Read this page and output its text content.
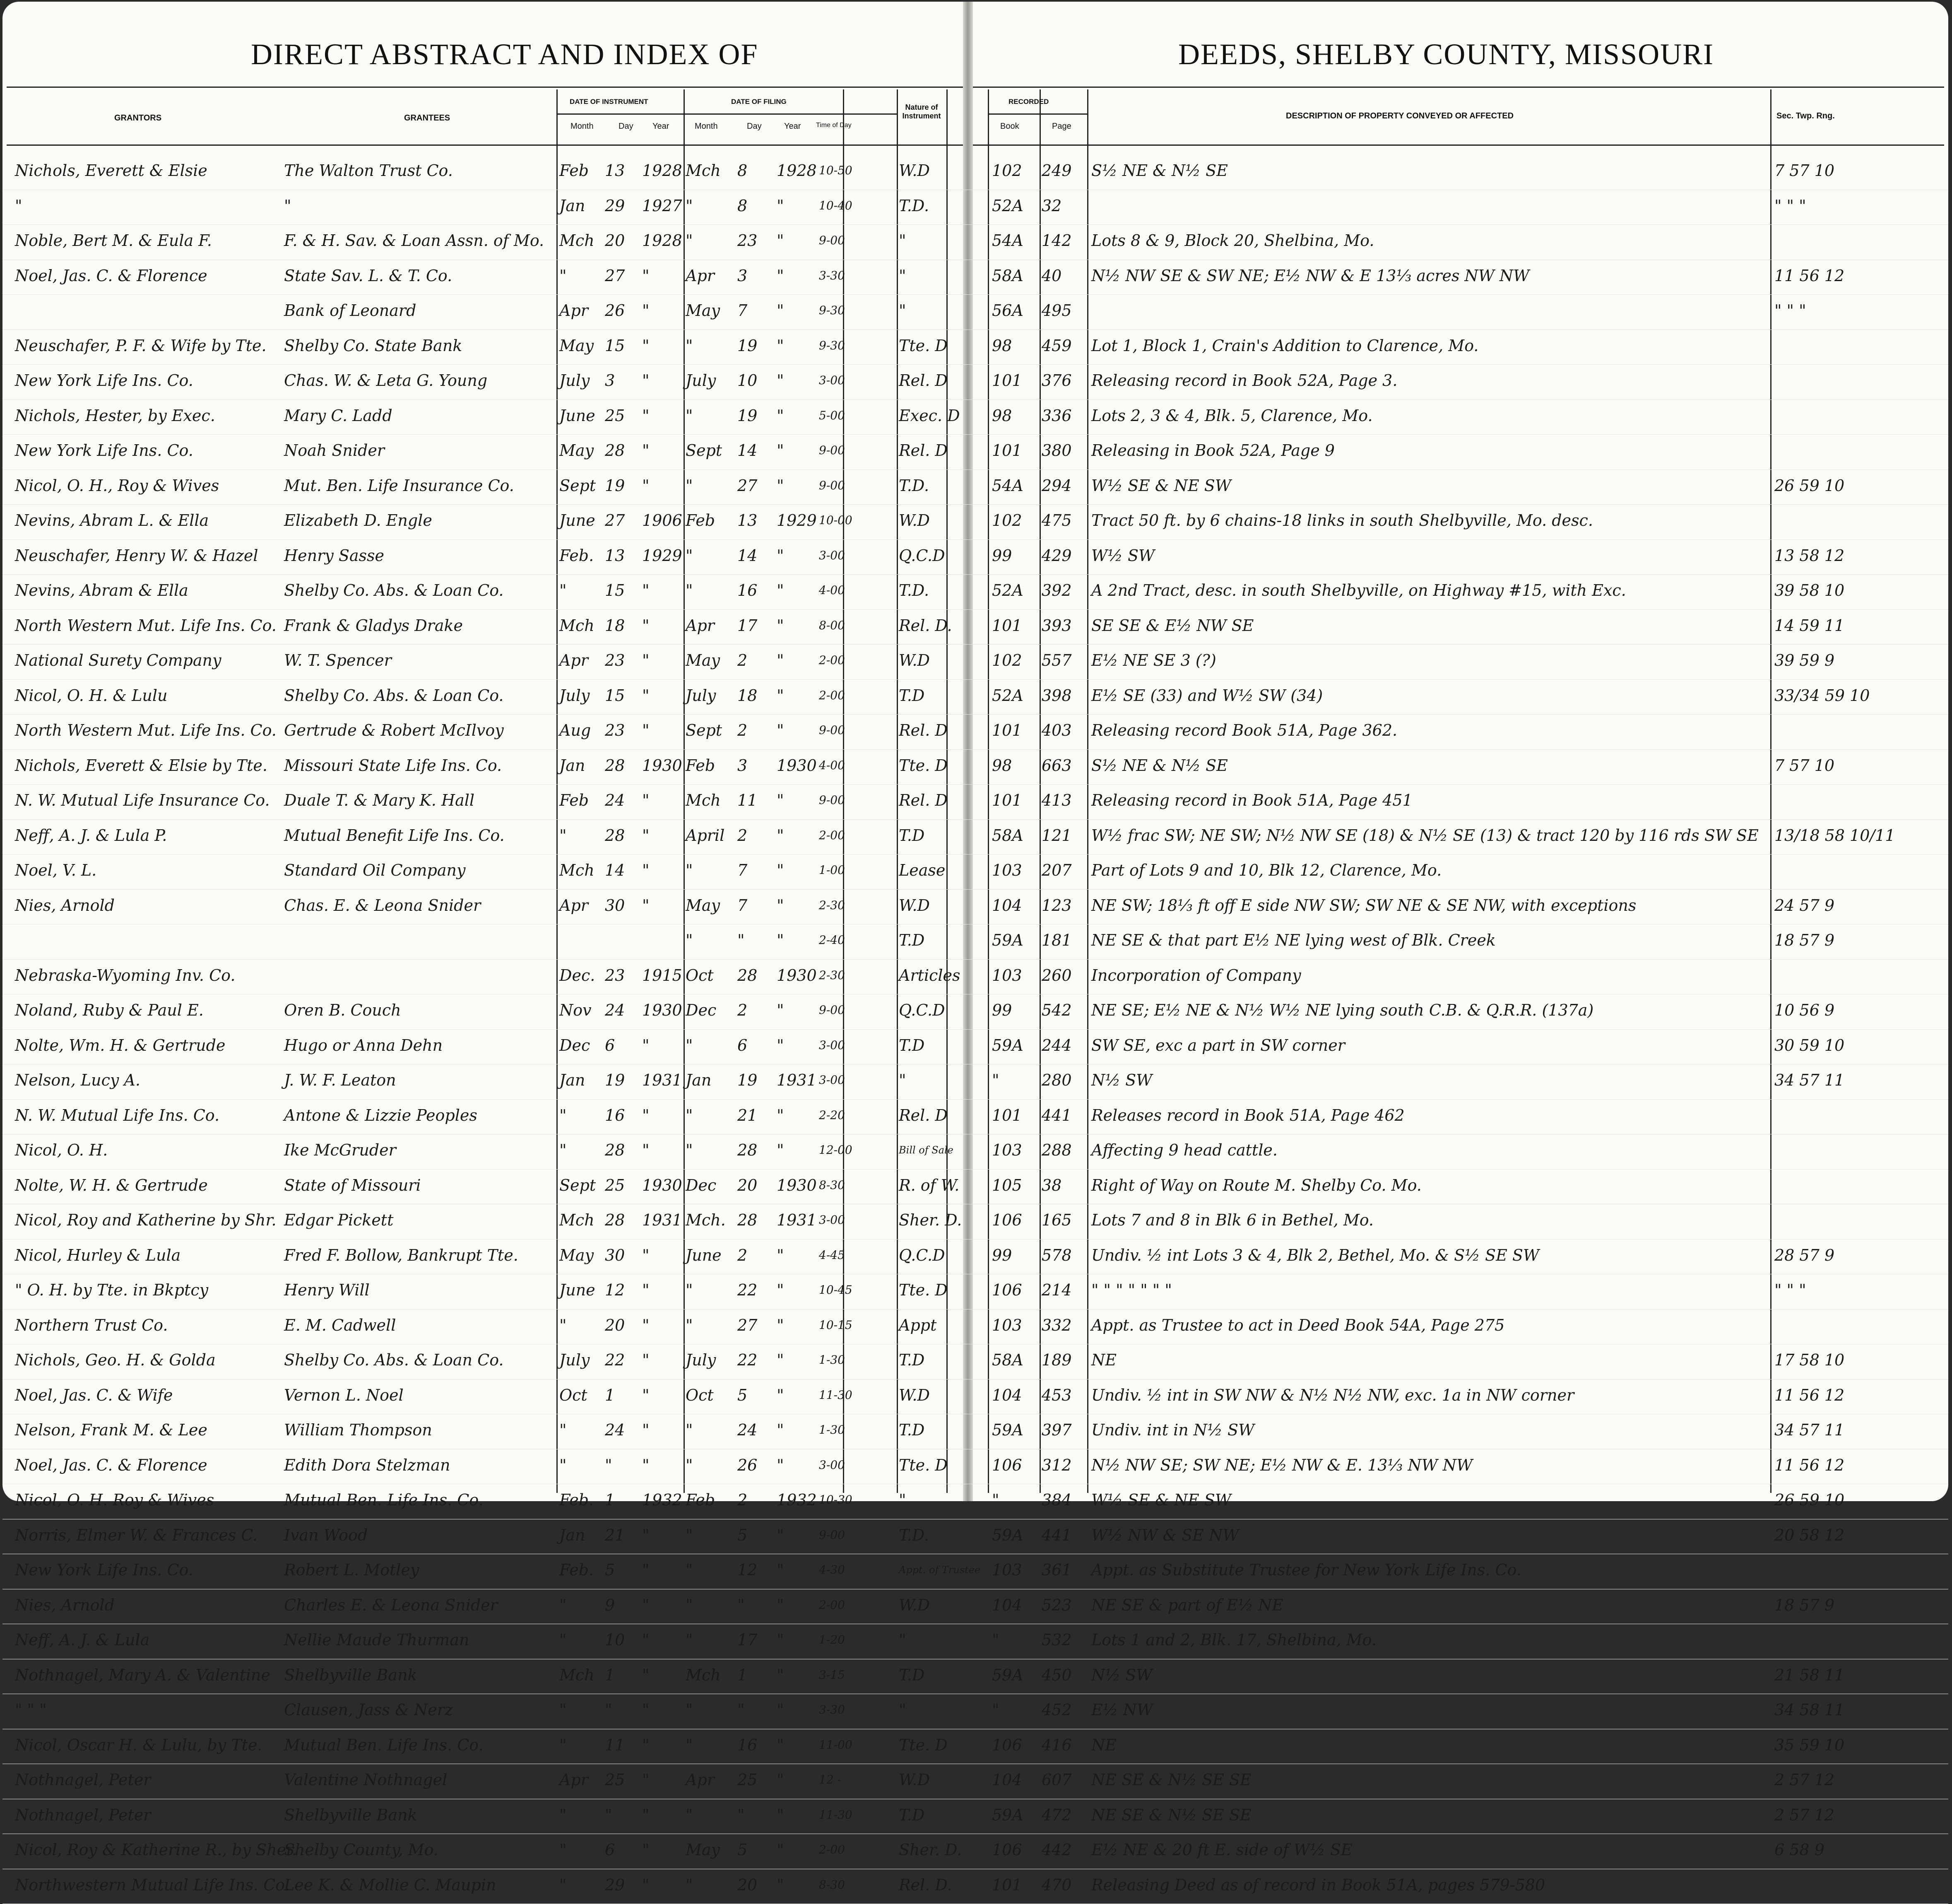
DIRECT ABSTRACT AND INDEX OF	DEEDS, SHELBY COUNTY, MISSOURI
GRANTORS	GRANTEES
DATE OF INSTRUMENT	DATE OF FILING
Nature of Instrument
RECORDED
Month	Day Year	Month	Day	Year Time of Day	Book	Page
DESCRIPTION OF PROPERTY CONVEYED OR AFFECTED	Sec. Twp. Rng.
Nichols, Everett & Elsie	The Walton Trust Co.	Feb	13	1928 Mch	8	1928 10-50	W.D	102	249	S½ NE & N½ SE	7 57 10
"	"	Jan	29	1927 "	8	"	10-40	T.D.	52A	32	" " "
Noble, Bert M. & Eula F.	F. & H. Sav. & Loan Assn. of Mo. Mch 20	1928 "	23	"	9-00	"	54A	142	Lots 8 & 9, Block 20, Shelbina, Mo.
Noel, Jas. C. & Florence	State Sav. L. & T. Co.	"	27	"	Apr	3	"	3-30	"	58A	40	N½ NW SE & SW NE; E½ NW & E 13⅓ acres NW NW	11 56 12
Bank of Leonard	Apr	26	"	May	7	"	9-30	"	56A	495	" " "
Neuschafer, P. F. & Wife by Tte.	Shelby Co. State Bank	May 15	"	"	19	"	9-30	Tte. D	98	459	Lot 1, Block 1, Crain's Addition to Clarence, Mo.
New York Life Ins. Co.	Chas. W. & Leta G. Young	July 3	"	July	10	"	3-00	Rel. D	101	376	Releasing record in Book 52A, Page 3.
Nichols, Hester, by Exec.	Mary C. Ladd	June 25	"	"	19	"	5-00	Exec. D 98	336	Lots 2, 3 & 4, Blk. 5, Clarence, Mo.
New York Life Ins. Co.	Noah Snider	May 28	"	Sept 14	"	9-00	Rel. D	101	380	Releasing in Book 52A, Page 9
Nicol, O. H., Roy & Wives	Mut. Ben. Life Insurance Co.	Sept 19	"	"	27	"	9-00	T.D.	54A	294	W½ SE & NE SW	26 59 10
Nevins, Abram L. & Ella	Elizabeth D. Engle	June 27	1906 Feb	13	1929 10-00	W.D	102	475	Tract 50 ft. by 6 chains-18 links in south Shelbyville, Mo. desc.
Neuschafer, Henry W. & Hazel	Henry Sasse	Feb. 13	1929 "	14	"	3-00	Q.C.D	99	429	W½ SW	13 58 12
Nevins, Abram & Ella	Shelby Co. Abs. & Loan Co.	"	15	"	"	16	"	4-00	T.D.	52A	392	A 2nd Tract, desc. in south Shelbyville, on Highway #15, with Exc.	39 58 10
North Western Mut. Life Ins. Co. Frank & Gladys Drake	Mch 18	"	Apr	17	"	8-00	Rel. D.	101	393	SE SE & E½ NW SE	14 59 11
National Surety Company	W. T. Spencer	Apr	23	"	May	2	"	2-00	W.D	102	557	E½ NE SE 3 (?)	39 59 9
Nicol, O. H. & Lulu	Shelby Co. Abs. & Loan Co.	July 15	"	July	18	"	2-00	T.D	52A	398	E½ SE (33) and W½ SW (34)	33/34 59 10
North Western Mut. Life Ins. Co. Gertrude & Robert McIlvoy	Aug 23	"	Sept 2	"	9-00	Rel. D	101	403	Releasing record Book 51A, Page 362.
Nichols, Everett & Elsie by Tte.	Missouri State Life Ins. Co.	Jan	28	1930 Feb	3	1930 4-00	Tte. D	98	663	S½ NE & N½ SE	7 57 10
N. W. Mutual Life Insurance Co. Duale T. & Mary K. Hall	Feb	24	"	Mch	11	"	9-00	Rel. D	101	413	Releasing record in Book 51A, Page 451
Neff, A. J. & Lula P.	Mutual Benefit Life Ins. Co.	"	28	"	April 2	"	2-00	T.D	58A	121	W½ frac SW; NE SW; N½ NW SE (18) & N½ SE (13) & tract 120 by 116 rds SW SE	13/18 58 10/11
Noel, V. L.	Standard Oil Company	Mch 14	"	"	7	"	1-00	Lease	103	207	Part of Lots 9 and 10, Blk 12, Clarence, Mo.
Nies, Arnold	Chas. E. & Leona Snider	Apr	30	"	May	7	"	2-30	W.D	104	123	NE SW; 18⅓ ft off E side NW SW; SW NE & SE NW, with exceptions	24 57 9
"	"	"	2-40	T.D	59A	181	NE SE & that part E½ NE lying west of Blk. Creek	18 57 9
Nebraska-Wyoming Inv. Co.	Dec. 23	1915 Oct	28	1930 2-30	Articles 103	260	Incorporation of Company
Noland, Ruby & Paul E.	Oren B. Couch	Nov 24	1930 Dec	2	"	9-00	Q.C.D	99	542	NE SE; E½ NE & N½ W½ NE lying south C.B. & Q.R.R. (137a)	10 56 9
Nolte, Wm. H. & Gertrude	Hugo or Anna Dehn	Dec 6	"	"	6	"	3-00	T.D	59A	244	SW SE, exc a part in SW corner	30 59 10
Nelson, Lucy A.	J. W. F. Leaton	Jan	19	1931 Jan	19	1931 3-00	"	"	280	N½ SW	34 57 11
N. W. Mutual Life Ins. Co.	Antone & Lizzie Peoples	"	16	"	"	21	"	2-20	Rel. D	101	441	Releases record in Book 51A, Page 462
Nicol, O. H.	Ike McGruder	"	28	"	"	28	"	12-00	Bill of Sale 103	288	Affecting 9 head cattle.
Nolte, W. H. & Gertrude	State of Missouri	Sept 25	1930 Dec	20	1930 8-30	R. of W. 105	38	Right of Way on Route M. Shelby Co. Mo.
Nicol, Roy and Katherine by Shr. Edgar Pickett	Mch 28	1931 Mch. 28	1931 3-00	Sher. D. 106	165	Lots 7 and 8 in Blk 6 in Bethel, Mo.
Nicol, Hurley & Lula	Fred F. Bollow, Bankrupt Tte.	May 30	"	June	2	"	4-45	Q.C.D	99	578	Undiv. ½ int Lots 3 & 4, Blk 2, Bethel, Mo. & S½ SE SW	28 57 9
" O. H. by Tte. in Bkptcy	Henry Will	June 12	"	"	22	"	10-45	Tte. D	106	214	" " " " " " "	" " "
Northern Trust Co.	E. M. Cadwell	"	20	"	"	27	"	10-15	Appt	103	332	Appt. as Trustee to act in Deed Book 54A, Page 275
Nichols, Geo. H. & Golda	Shelby Co. Abs. & Loan Co.	July 22	"	July	22	"	1-30	T.D	58A	189	NE	17 58 10
Noel, Jas. C. & Wife	Vernon L. Noel	Oct	1	"	Oct	5	"	11-30	W.D	104	453	Undiv. ½ int in SW NW & N½ N½ NW, exc. 1a in NW corner	11 56 12
Nelson, Frank M. & Lee	William Thompson	"	24	"	"	24	"	1-30	T.D	59A	397	Undiv. int in N½ SW	34 57 11
Noel, Jas. C. & Florence	Edith Dora Stelzman	"	"	"	"	26	"	3-00	Tte. D	106	312	N½ NW SE; SW NE; E½ NW & E. 13⅓ NW NW	11 56 12
Nicol, O. H. Roy & Wives	Mutual Ben. Life Ins. Co.	Feb. 1	1932 Feb	2	1932 10-30	"	"	384	W½ SE & NE SW	26 59 10
Norris, Elmer W. & Frances C.	Ivan Wood	Jan	21	"	"	5	"	9-00	T.D.	59A	441	W½ NW & SE NW	20 58 12
New York Life Ins. Co.	Robert L. Motley	Feb. 5	"	"	12	"	4-30	Appt. of Trustee 103	361	Appt. as Substitute Trustee for New York Life Ins. Co.
Nies, Arnold	Charles E. & Leona Snider	"	9	"	"	"	"	2-00	W.D	104	523	NE SE & part of E½ NE	18 57 9
Neff, A. J. & Lula	Nellie Maude Thurman	"	10	"	"	17	"	1-20	"	"	532	Lots 1 and 2, Blk. 17, Shelbina, Mo.
Nothnagel, Mary A. & Valentine Shelbyville Bank	Mch 1	"	Mch	1	"	3-15	T.D	59A	450	N½ SW	21 58 11
" " "	Clausen, Jass & Nerz	"	"	"	"	"	"	3-30	"	"	452	E½ NW	34 58 11
Nicol, Oscar H. & Lulu, by Tte.	Mutual Ben. Life Ins. Co.	"	11	"	"	16	"	11-00	Tte. D	106	416	NE	35 59 10
Nothnagel, Peter	Valentine Nothnagel	Apr	25	"	Apr	25	"	12 -	W.D	104	607	NE SE & N½ SE SE	2 57 12
Nothnagel, Peter	Shelbyville Bank	"	"	"	"	"	"	11-30	T.D	59A	472	NE SE & N½ SE SE	2 57 12
Nicol, Roy & Katherine R., by Sher.
Shelby County, Mo.	"	6	"	May	5	"	2-00	Sher. D. 106	442	E½ NE & 20 ft E. side of W½ SE	6 58 9
Northwestern Mutual Life Ins. Co.
Lee K. & Mollie C. Maupin	"	29	"	"	20	"	8-30	Rel. D.	101	470	Releasing Deed as of record in Book 51A, pages 579-580
